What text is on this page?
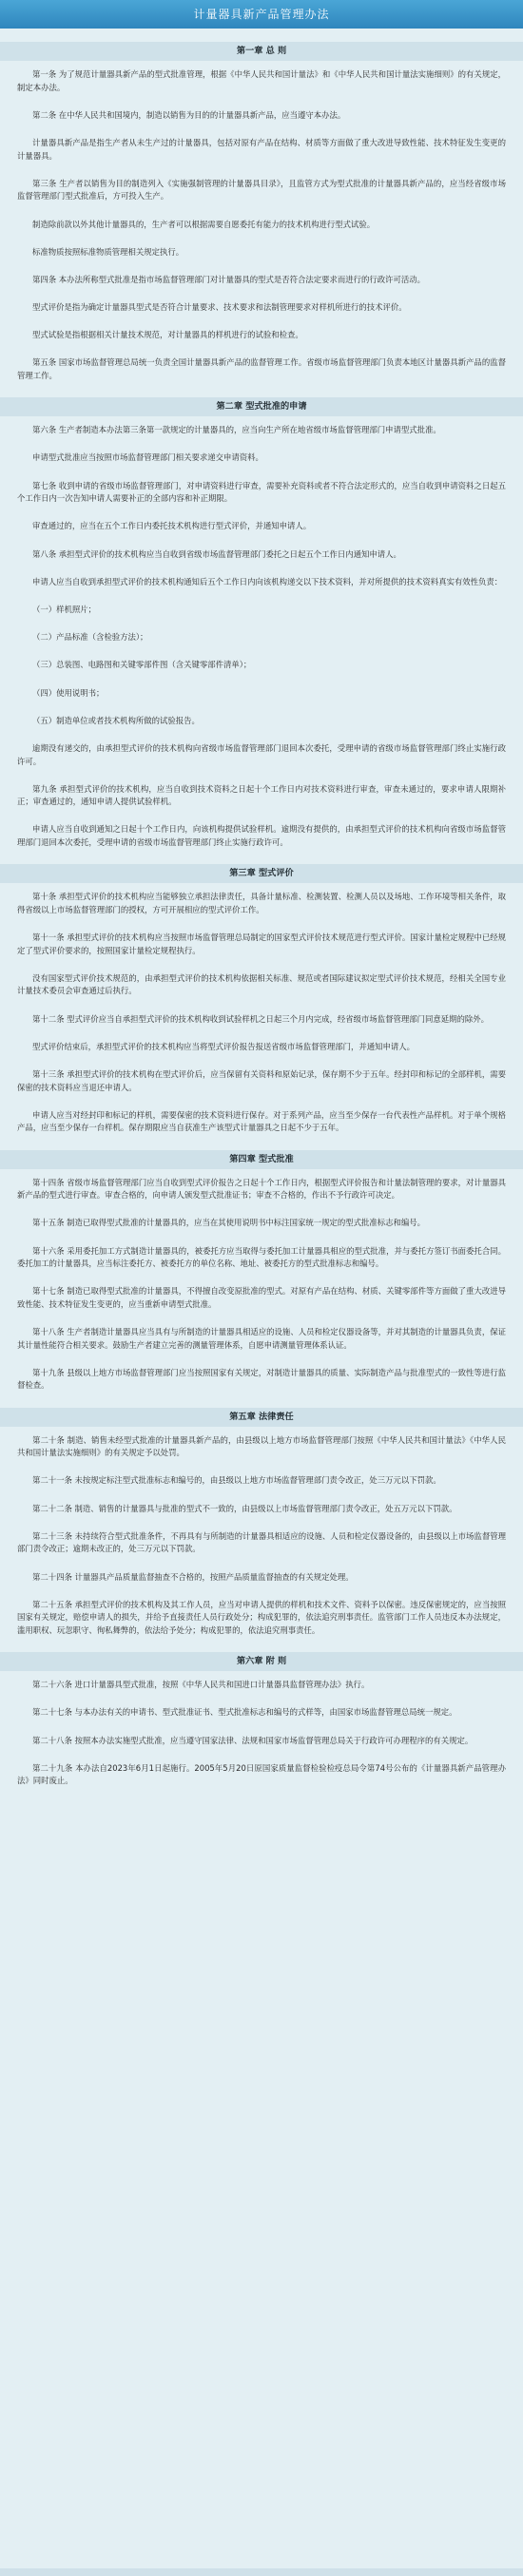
计量器具新产品管理办法
第一章 总 则

第一条 为了规范计量器具新产品的型式批准管理，根据《中华人民共和国计量法》和《中华人民共和国计量法实施细则》的有关规定，制定本办法。

第二条 在中华人民共和国境内，制造以销售为目的的计量器具新产品，应当遵守本办法。

计量器具新产品是指生产者从未生产过的计量器具，包括对原有产品在结构、材质等方面做了重大改进导致性能、技术特征发生变更的计量器具。

第三条 生产者以销售为目的制造列入《实施强制管理的计量器具目录》，且监管方式为型式批准的计量器具新产品的，应当经省级市场监督管理部门型式批准后，方可投入生产。

制造除前款以外其他计量器具的，生产者可以根据需要自愿委托有能力的技术机构进行型式试验。

标准物质按照标准物质管理相关规定执行。

第四条 本办法所称型式批准是指市场监督管理部门对计量器具的型式是否符合法定要求而进行的行政许可活动。

型式评价是指为确定计量器具型式是否符合计量要求、技术要求和法制管理要求对样机所进行的技术评价。

型式试验是指根据相关计量技术规范，对计量器具的样机进行的试验和检查。

第五条 国家市场监督管理总局统一负责全国计量器具新产品的监督管理工作。省级市场监督管理部门负责本地区计量器具新产品的监督管理工作。

第二章 型式批准的申请

第六条 生产者制造本办法第三条第一款规定的计量器具的，应当向生产所在地省级市场监督管理部门申请型式批准。

申请型式批准应当按照市场监督管理部门相关要求递交申请资料。

第七条 收到申请的省级市场监督管理部门，对申请资料进行审查，需要补充资料或者不符合法定形式的，应当自收到申请资料之日起五个工作日内一次告知申请人需要补正的全部内容和补正期限。

审查通过的，应当在五个工作日内委托技术机构进行型式评价，并通知申请人。

第八条 承担型式评价的技术机构应当自收到省级市场监督管理部门委托之日起五个工作日内通知申请人。

申请人应当自收到承担型式评价的技术机构通知后五个工作日内向该机构递交以下技术资料，并对所提供的技术资料真实有效性负责：

（一）样机照片；

（二）产品标准（含检验方法）；

（三）总装图、电路图和关键零部件图（含关键零部件清单）；

（四）使用说明书；

（五）制造单位或者技术机构所做的试验报告。

逾期没有递交的，由承担型式评价的技术机构向省级市场监督管理部门退回本次委托，受理申请的省级市场监督管理部门终止实施行政许可。

第九条 承担型式评价的技术机构，应当自收到技术资料之日起十个工作日内对技术资料进行审查，审查未通过的，要求申请人限期补正；审查通过的，通知申请人提供试验样机。

申请人应当自收到通知之日起十个工作日内，向该机构提供试验样机。逾期没有提供的，由承担型式评价的技术机构向省级市场监督管理部门退回本次委托，受理申请的省级市场监督管理部门终止实施行政许可。

第三章 型式评价

第十条 承担型式评价的技术机构应当能够独立承担法律责任，具备计量标准、检测装置、检测人员以及场地、工作环境等相关条件，取得省级以上市场监督管理部门的授权，方可开展相应的型式评价工作。

第十一条 承担型式评价的技术机构应当按照市场监督管理总局制定的国家型式评价技术规范进行型式评价。国家计量检定规程中已经规定了型式评价要求的，按照国家计量检定规程执行。

没有国家型式评价技术规范的，由承担型式评价的技术机构依据相关标准、规范或者国际建议拟定型式评价技术规范，经相关全国专业计量技术委员会审查通过后执行。

第十二条 型式评价应当自承担型式评价的技术机构收到试验样机之日起三个月内完成，经省级市场监督管理部门同意延期的除外。

型式评价结束后，承担型式评价的技术机构应当将型式评价报告报送省级市场监督管理部门，并通知申请人。

第十三条 承担型式评价的技术机构在型式评价后，应当保留有关资料和原始记录，保存期不少于五年。经封印和标记的全部样机，需要保密的技术资料应当退还申请人。

申请人应当对经封印和标记的样机，需要保密的技术资料进行保存。对于系列产品，应当至少保存一台代表性产品样机。对于单个规格产品，应当至少保存一台样机。保存期限应当自获准生产该型式计量器具之日起不少于五年。

第四章 型式批准

第十四条 省级市场监督管理部门应当自收到型式评价报告之日起十个工作日内，根据型式评价报告和计量法制管理的要求，对计量器具新产品的型式进行审查。审查合格的，向申请人颁发型式批准证书；审查不合格的，作出不予行政许可决定。

第十五条 制造已取得型式批准的计量器具的，应当在其使用说明书中标注国家统一规定的型式批准标志和编号。

第十六条 采用委托加工方式制造计量器具的，被委托方应当取得与委托加工计量器具相应的型式批准，并与委托方签订书面委托合同。委托加工的计量器具，应当标注委托方、被委托方的单位名称、地址、被委托方的型式批准标志和编号。

第十七条 制造已取得型式批准的计量器具，不得擅自改变原批准的型式。对原有产品在结构、材质、关键零部件等方面做了重大改进导致性能、技术特征发生变更的，应当重新申请型式批准。

第十八条 生产者制造计量器具应当具有与所制造的计量器具相适应的设施、人员和检定仪器设备等，并对其制造的计量器具负责，保证其计量性能符合相关要求。鼓励生产者建立完善的测量管理体系，自愿申请测量管理体系认证。

第十九条 县级以上地方市场监督管理部门应当按照国家有关规定，对制造计量器具的质量、实际制造产品与批准型式的一致性等进行监督检查。

第五章 法律责任

第二十条 制造、销售未经型式批准的计量器具新产品的，由县级以上地方市场监督管理部门按照《中华人民共和国计量法》《中华人民共和国计量法实施细则》的有关规定予以处罚。

第二十一条 未按规定标注型式批准标志和编号的，由县级以上地方市场监督管理部门责令改正，处三万元以下罚款。

第二十二条 制造、销售的计量器具与批准的型式不一致的，由县级以上市场监督管理部门责令改正，处五万元以下罚款。

第二十三条 未持续符合型式批准条件，不再具有与所制造的计量器具相适应的设施、人员和检定仪器设备的，由县级以上市场监督管理部门责令改正；逾期未改正的，处三万元以下罚款。

第二十四条 计量器具产品质量监督抽查不合格的，按照产品质量监督抽查的有关规定处理。

第二十五条 承担型式评价的技术机构及其工作人员，应当对申请人提供的样机和技术文件、资料予以保密。违反保密规定的，应当按照国家有关规定，赔偿申请人的损失，并给予直接责任人员行政处分；构成犯罪的，依法追究刑事责任。监管部门工作人员违反本办法规定，滥用职权、玩忽职守、徇私舞弊的，依法给予处分；构成犯罪的，依法追究刑事责任。

第六章 附 则

第二十六条 进口计量器具型式批准，按照《中华人民共和国进口计量器具监督管理办法》执行。

第二十七条 与本办法有关的申请书、型式批准证书、型式批准标志和编号的式样等，由国家市场监督管理总局统一规定。

第二十八条 按照本办法实施型式批准，应当遵守国家法律、法规和国家市场监督管理总局关于行政许可办理程序的有关规定。

第二十九条 本办法自2023年6月1日起施行。2005年5月20日原国家质量监督检验检疫总局令第74号公布的《计量器具新产品管理办法》同时废止。
